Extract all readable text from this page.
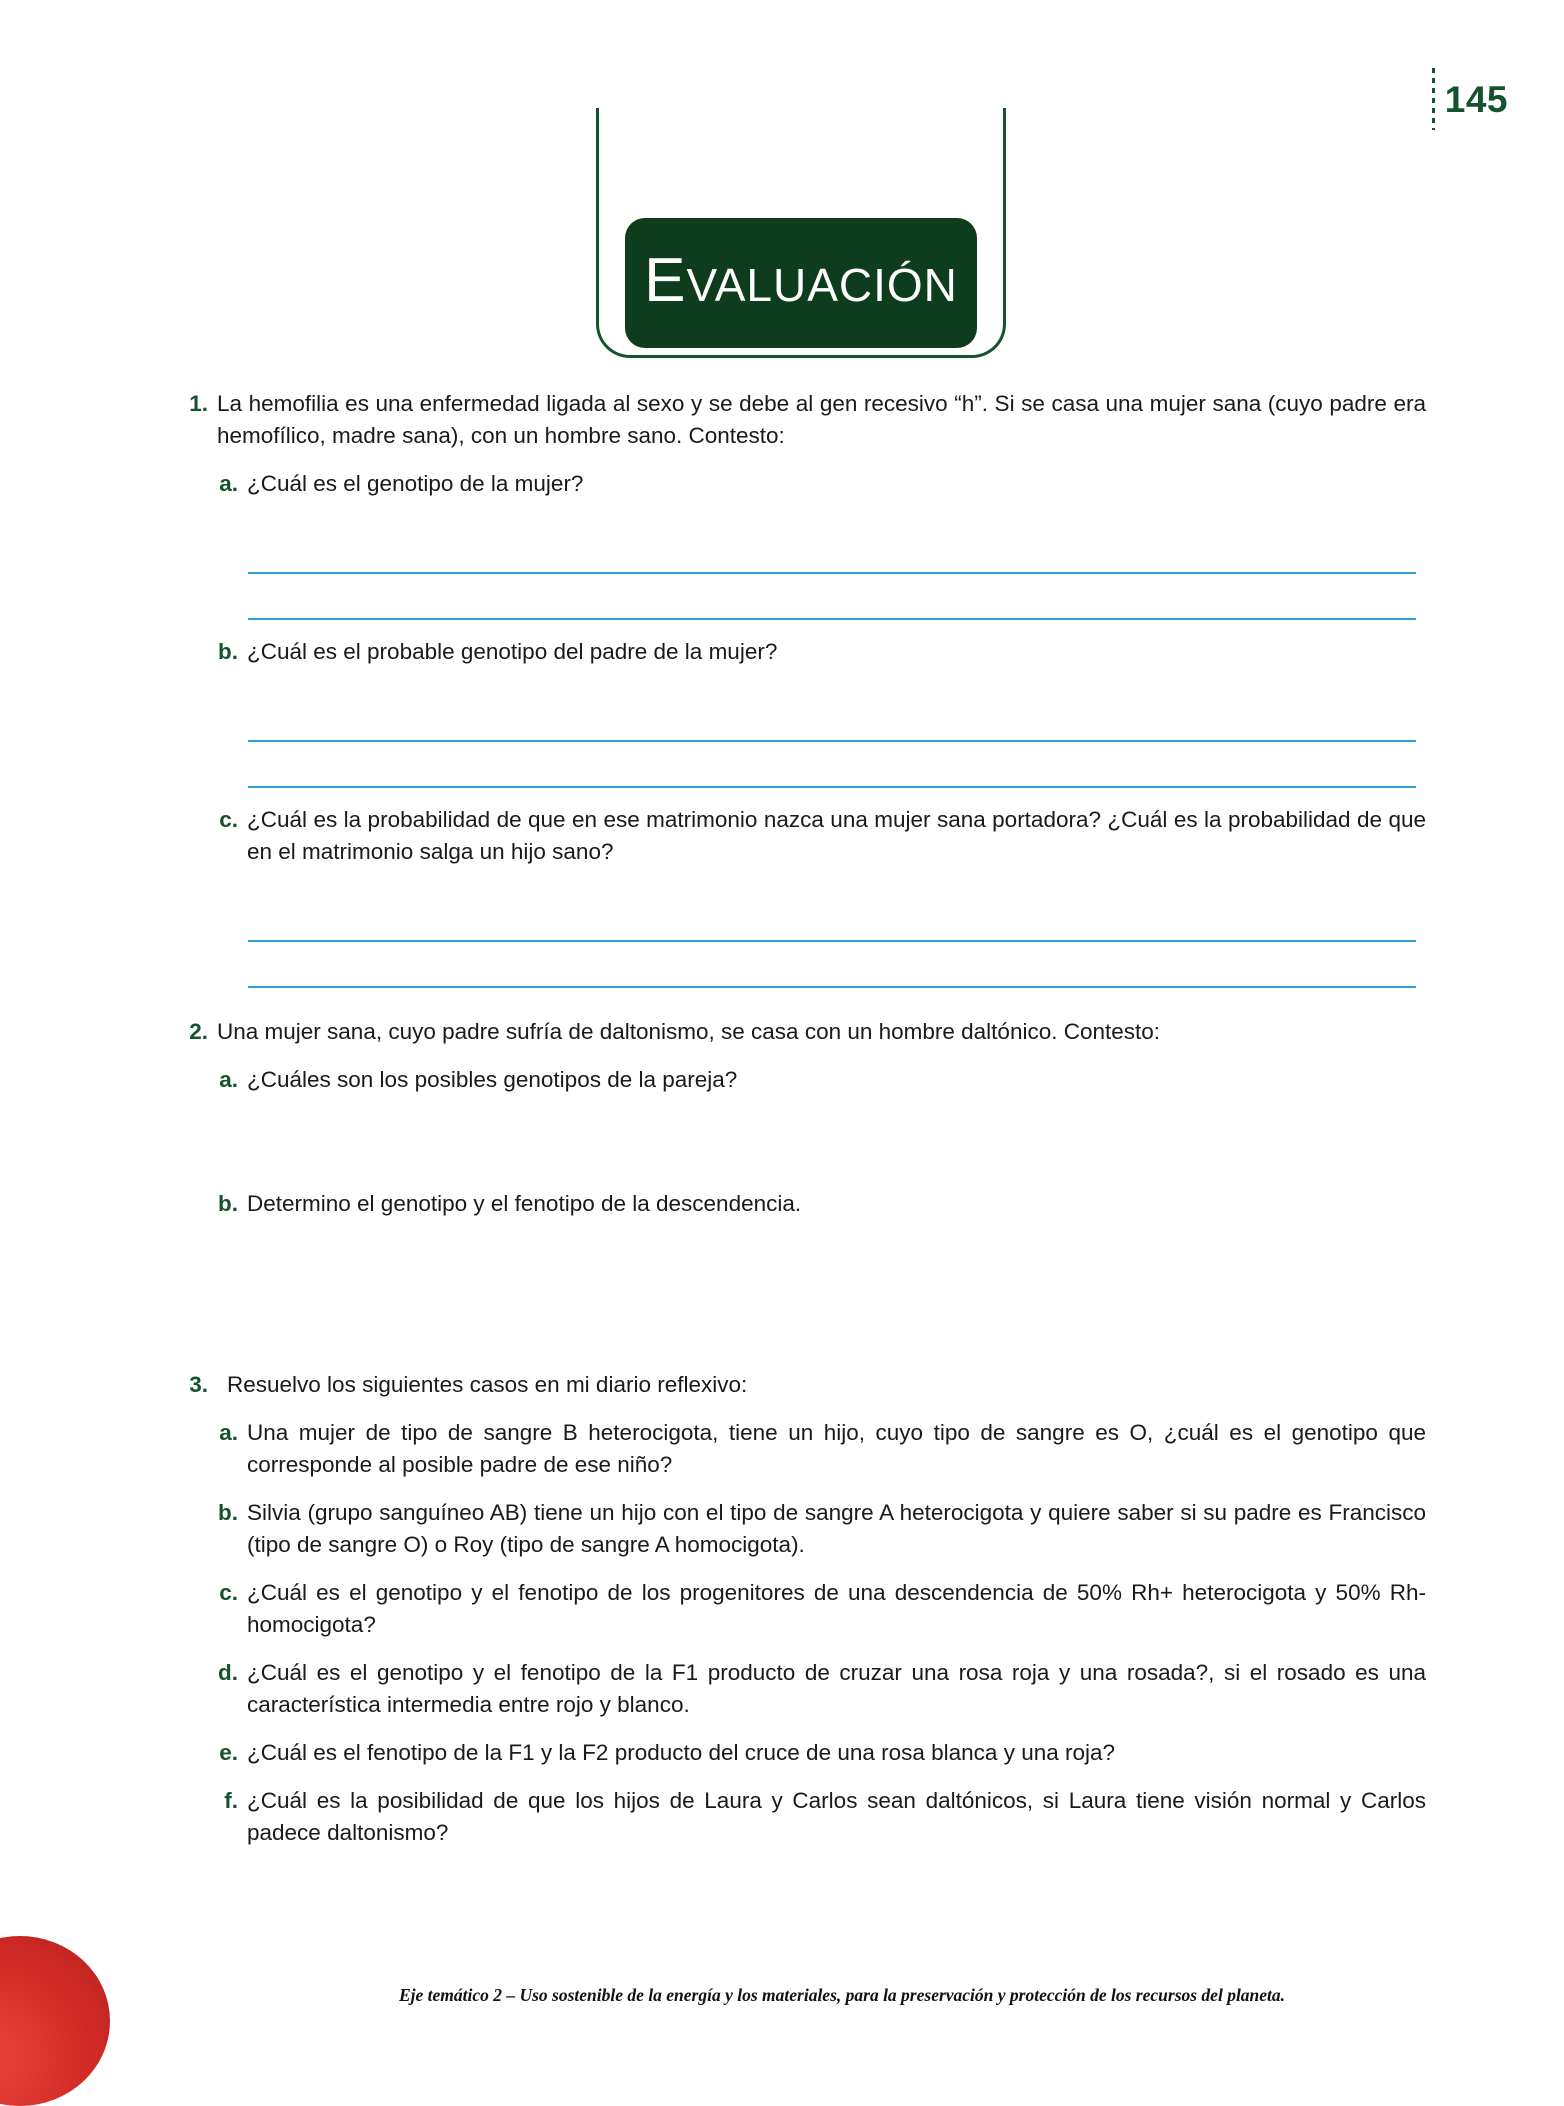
145
EVALUACIÓN
1. La hemofilia es una enfermedad ligada al sexo y se debe al gen recesivo “h”. Si se casa una mujer sana (cuyo padre era hemofílico, madre sana), con un hombre sano. Contesto:
a. ¿Cuál es el genotipo de la mujer?
b. ¿Cuál es el probable genotipo del padre de la mujer?
c. ¿Cuál es la probabilidad de que en ese matrimonio nazca una mujer sana portadora? ¿Cuál es la probabilidad de que en el matrimonio salga un hijo sano?
2. Una mujer sana, cuyo padre sufría de daltonismo, se casa con un hombre daltónico. Contesto:
a. ¿Cuáles son los posibles genotipos de la pareja?
b. Determino el genotipo y el fenotipo de la descendencia.
3. Resuelvo los siguientes casos en mi diario reflexivo:
a. Una mujer de tipo de sangre B heterocigota, tiene un hijo, cuyo tipo de sangre es O, ¿cuál es el genotipo que corresponde al posible padre de ese niño?
b. Silvia (grupo sanguíneo AB) tiene un hijo con el tipo de sangre A heterocigota y quiere saber si su padre es Francisco (tipo de sangre O) o Roy (tipo de sangre A homocigota).
c. ¿Cuál es el genotipo y el fenotipo de los progenitores de una descendencia de 50% Rh+ heterocigota y 50% Rh- homocigota?
d. ¿Cuál es el genotipo y el fenotipo de la F1 producto de cruzar una rosa roja y una rosada?, si el rosado es una característica intermedia entre rojo y blanco.
e. ¿Cuál es el fenotipo de la F1 y la F2 producto del cruce de una rosa blanca y una roja?
f. ¿Cuál es la posibilidad de que los hijos de Laura y Carlos sean daltónicos, si Laura tiene visión normal y Carlos padece daltonismo?
Eje temático 2 – Uso sostenible de la energía y los materiales, para la preservación y protección de los recursos del planeta.
